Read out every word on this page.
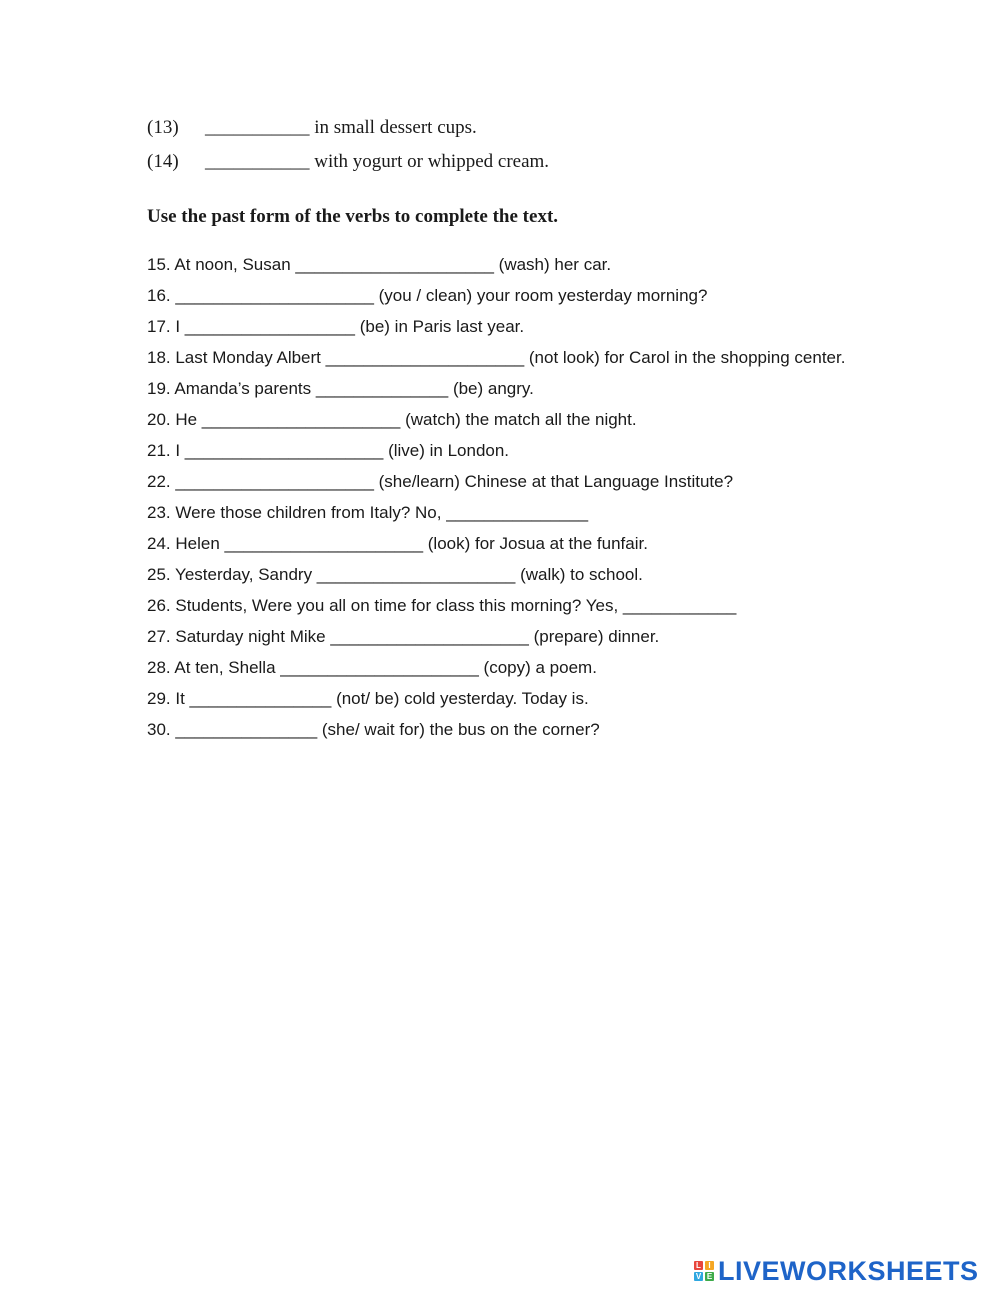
(13) ___________ in small dessert cups.
(14) ___________ with yogurt or whipped cream.
Use the past form of the verbs to complete the text.

15. At noon, Susan _____________________ (wash) her car.

16. _____________________ (you / clean) your room yesterday morning?

17. I __________________ (be) in Paris last year.

18. Last Monday Albert _____________________ (not look) for Carol in the shopping center.

19. Amanda’s parents ______________ (be) angry.

20. He _____________________ (watch) the match all the night.

21. I _____________________ (live) in London.

22. _____________________ (she/learn) Chinese at that Language Institute?

23. Were those children from Italy? No, _______________

24. Helen _____________________ (look) for Josua at the funfair.

25. Yesterday, Sandry _____________________ (walk) to school.

26. Students, Were you all on time for class this morning? Yes, ____________

27. Saturday night Mike _____________________ (prepare) dinner.

28. At ten, Shella _____________________ (copy) a poem.

29. It _______________ (not/ be) cold yesterday. Today is.

30. _______________ (she/ wait for) the bus on the corner?

L I
V E LIVEWORKSHEETS
